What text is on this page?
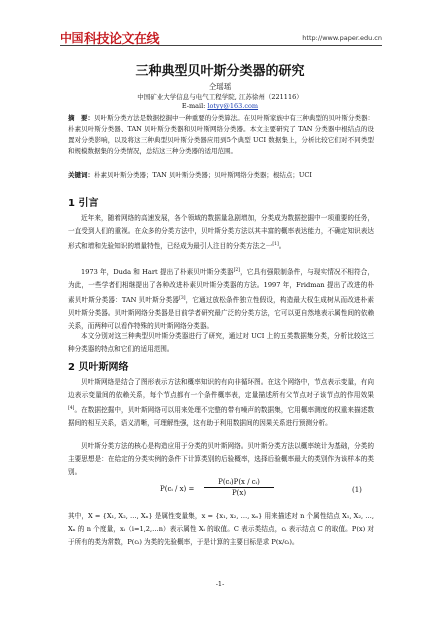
中国 科技论文在线	http://www.paper.edu.cn
三种典型贝叶斯分类器的研究
仝瑶瑶
中国矿业大学信息与电气工程学院, 江苏徐州（221116）
E-mail: lotyy@163.com
摘　要：贝叶斯分类方法是数据挖掘中一种重要的分类算法。在贝叶斯家族中有三种典型的贝叶斯分类器：朴素贝叶斯分类器、TAN 贝叶斯分类器和贝叶斯网络分类器。本文主要研究了 TAN 分类器中根结点的设置对分类影响，以及将这三种典型贝叶斯分类器应用到5个典型 UCI 数据集上，分析比较它们对不同类型和规模数据集的分类情况，总结这三种分类器的适用范围。
关键词：朴素贝叶斯分类器；TAN 贝叶斯分类器；贝叶斯网络分类器；根结点；UCI
1 引言
近年来，随着网络的高速发展，各个领域的数据量急剧增加，分类成为数据挖掘中一项重要的任务，一直受到人们的重视。在众多的分类方法中，贝叶斯分类方法以其丰富的概率表达能力，不确定知识表达形式和增和先验知识的增量特性，已经成为最引人注目的分类方法之一[1]。
1973 年，Duda 和 Hart 提出了朴素贝叶斯分类器[2]，它具有强限制条件，与现实情况不相符合，为此，一些学者们相继提出了各种改进朴素贝叶斯分类器的方法。1997 年，Fridman 提出了改进的朴素贝叶斯分类器：TAN 贝叶斯分类器[3]，它通过放松条件独立性假设，构造最大权生成树从而改进朴素贝叶斯分类器。贝叶斯网络分类器是目前学者研究最广泛的分类方法，它可以更自然地表示属性间的依赖关系，而两种可以看作特殊的贝叶斯网络分类器。
本文分别对这三种典型贝叶斯分类器进行了研究，通过对 UCI 上的五类数据集分类，分析比较这三种分类器的特点和它们的适用范围。
2 贝叶斯网络
贝叶斯网络是结合了图形表示方法和概率知识的有向非循环图。在这个网络中，节点表示变量，有向边表示变量间的依赖关系，每个节点都有一个条件概率表，定量描述所有父节点对子该节点的作用效果[4]。在数据挖掘中，贝叶斯网络可以用来处理不完整的带有噪声的数据集，它用概率测度的权重来描述数据间的相互关系，语义清晰，可理解性强，这有助于利用数据间的因果关系进行预测分析。
贝叶斯分类方法的核心是构造应用于分类的贝叶斯网络。贝叶斯分类方法以概率统计为基础，分类的主要思想是：在给定的分类实例的条件下计算类别的后验概率，选择后验概率最大的类别作为该样本的类别。
P(cᵢ / $x) = \frac{\text{P(cᵢ)P(x / cᵢ)}}{P(x)}$	(1)
其中，X = {X₁, X₂, …, Xₙ} 是属性变量集，x = {x₁, x₂, …, xₙ} 用来描述对 n 个属性结点 X₁, X₂, …, Xₙ 的 n 个度量，xᵢ（i=1,2,…n）表示属性 Xᵢ 的取值。C 表示类结点，cᵢ 表示结点 C 的取值。P(x) 对于所有的类为常数，P(cᵢ) 为类的先验概率，于是计算的主要目标是求 P(x/cᵢ)。
-1-
